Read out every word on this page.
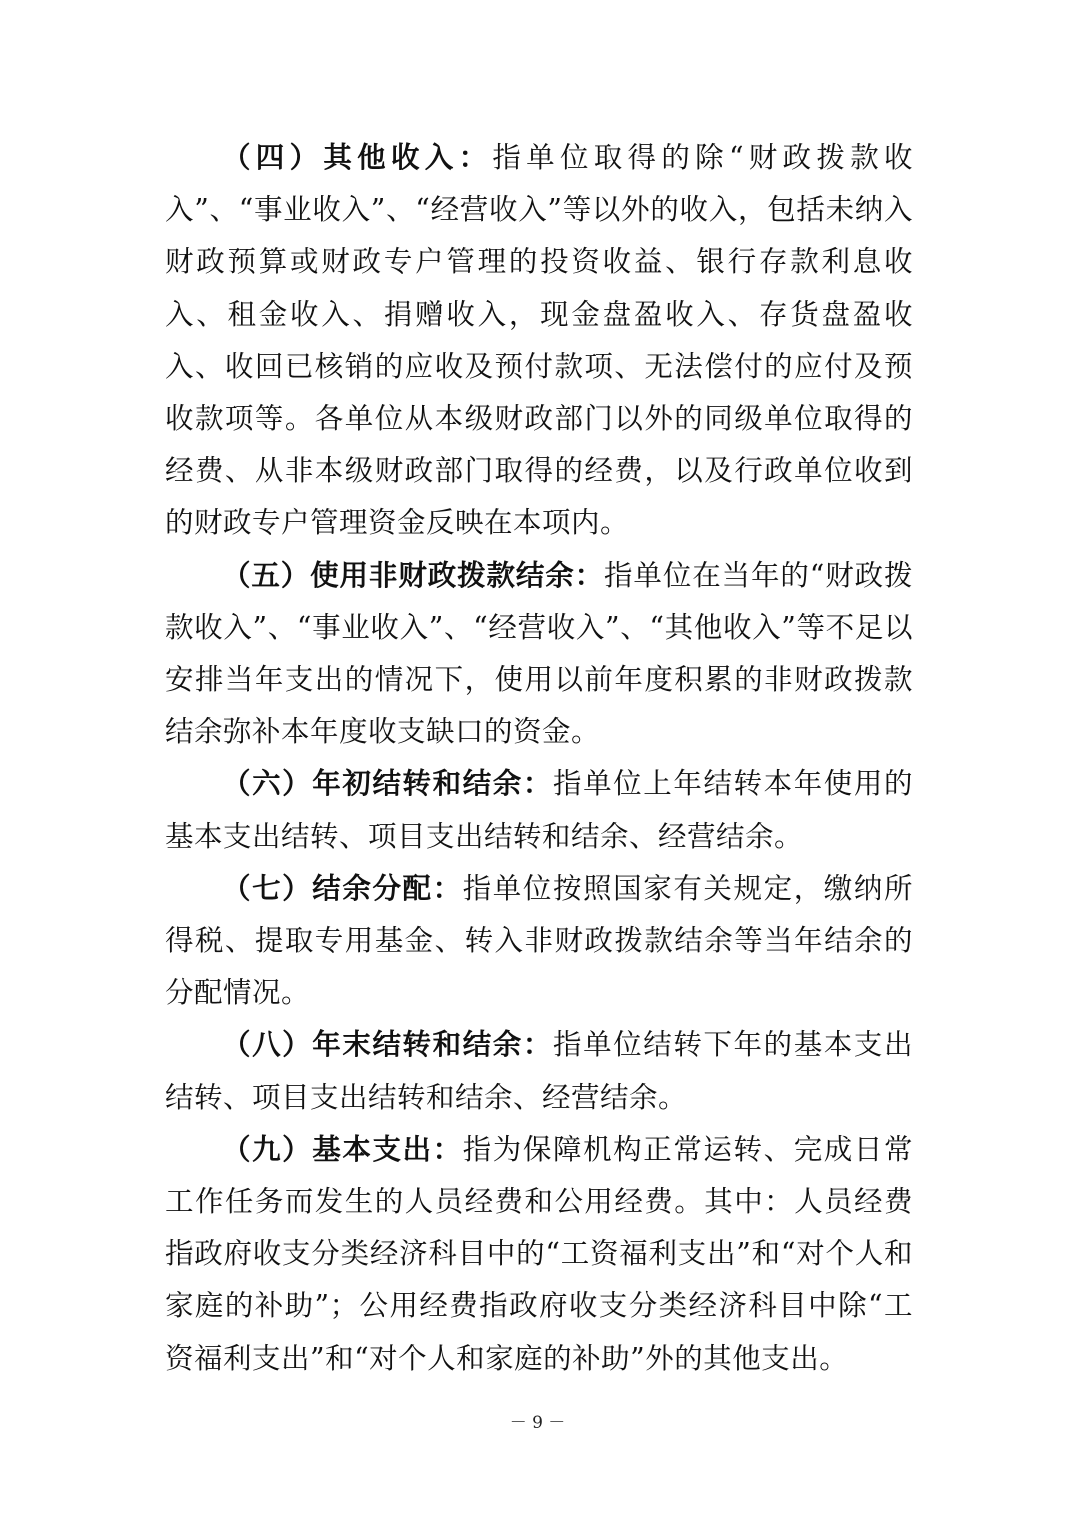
（四）其他收入：指单位取得的除“财政拨款收入”、“事业收入”、“经营收入”等以外的收入，包括未纳入财政预算或财政专户管理的投资收益、银行存款利息收入、租金收入、捐赠收入，现金盘盈收入、存货盘盈收入、收回已核销的应收及预付款项、无法偿付的应付及预收款项等。各单位从本级财政部门以外的同级单位取得的经费、从非本级财政部门取得的经费，以及行政单位收到的财政专户管理资金反映在本项内。

（五）使用非财政拨款结余：指单位在当年的“财政拨款收入”、“事业收入”、“经营收入”、“其他收入”等不足以安排当年支出的情况下，使用以前年度积累的非财政拨款结余弥补本年度收支缺口的资金。

（六）年初结转和结余：指单位上年结转本年使用的基本支出结转、项目支出结转和结余、经营结余。

（七）结余分配：指单位按照国家有关规定，缴纳所得税、提取专用基金、转入非财政拨款结余等当年结余的分配情况。

（八）年末结转和结余：指单位结转下年的基本支出结转、项目支出结转和结余、经营结余。

（九）基本支出：指为保障机构正常运转、完成日常工作任务而发生的人员经费和公用经费。其中：人员经费指政府收支分类经济科目中的“工资福利支出”和“对个人和家庭的补助”；公用经费指政府收支分类经济科目中除“工资福利支出”和“对个人和家庭的补助”外的其他支出。

－ 9 －
